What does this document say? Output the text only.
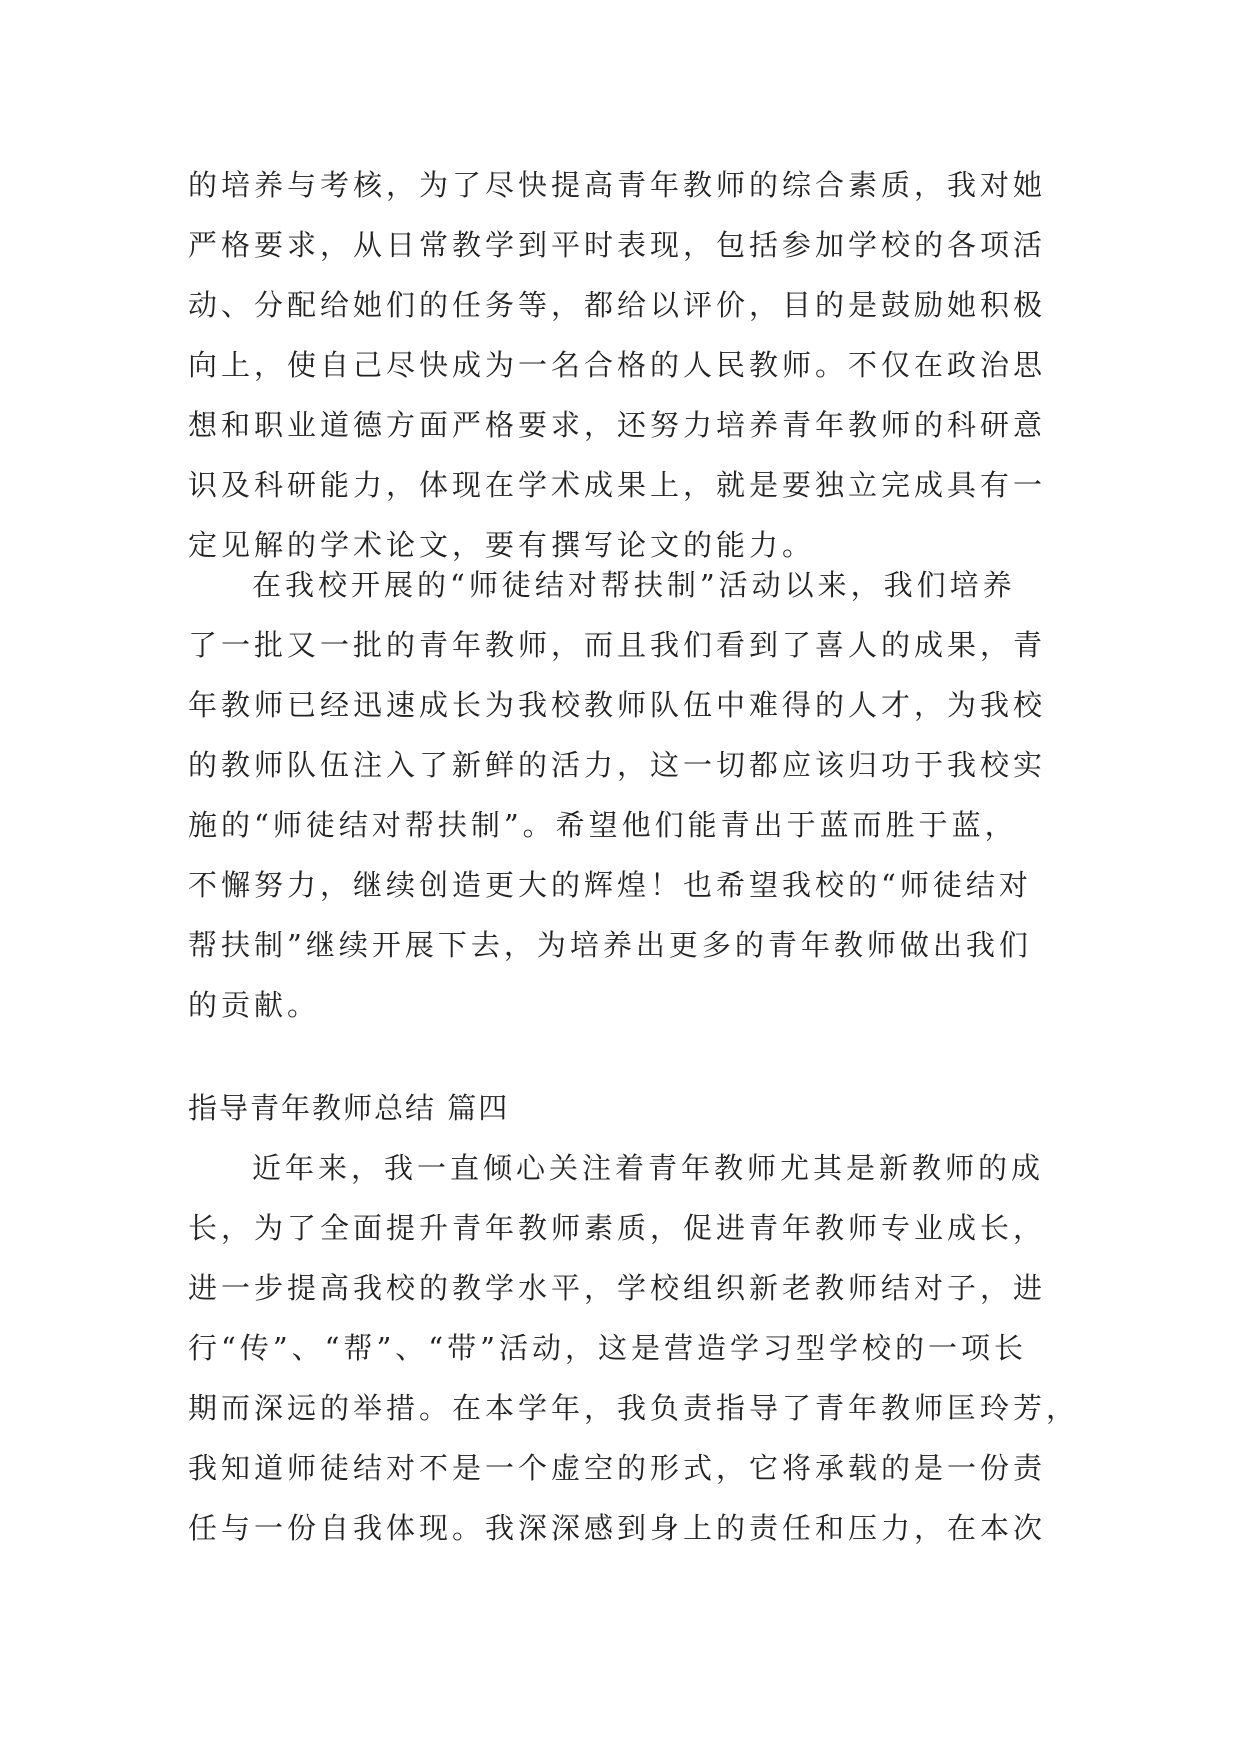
的培养与考核，为了尽快提高青年教师的综合素质，我对她
严格要求，从日常教学到平时表现，包括参加学校的各项活
动、分配给她们的任务等，都给以评价，目的是鼓励她积极
向上，使自己尽快成为一名合格的人民教师。不仅在政治思
想和职业道德方面严格要求，还努力培养青年教师的科研意
识及科研能力，体现在学术成果上，就是要独立完成具有一
定见解的学术论文，要有撰写论文的能力。
在我校开展的“师徒结对帮扶制”活动以来，我们培养
了一批又一批的青年教师，而且我们看到了喜人的成果，青
年教师已经迅速成长为我校教师队伍中难得的人才，为我校
的教师队伍注入了新鲜的活力，这一切都应该归功于我校实
施的“师徒结对帮扶制”。希望他们能青出于蓝而胜于蓝，
不懈努力，继续创造更大的辉煌！也希望我校的“师徒结对
帮扶制”继续开展下去，为培养出更多的青年教师做出我们
的贡献。
指导青年教师总结 篇四
近年来，我一直倾心关注着青年教师尤其是新教师的成
长，为了全面提升青年教师素质，促进青年教师专业成长，
进一步提高我校的教学水平，学校组织新老教师结对子，进
行“传”、“帮”、“带”活动，这是营造学习型学校的一项长
期而深远的举措。在本学年，我负责指导了青年教师匡玲芳，
我知道师徒结对不是一个虚空的形式，它将承载的是一份责
任与一份自我体现。我深深感到身上的责任和压力，在本次
